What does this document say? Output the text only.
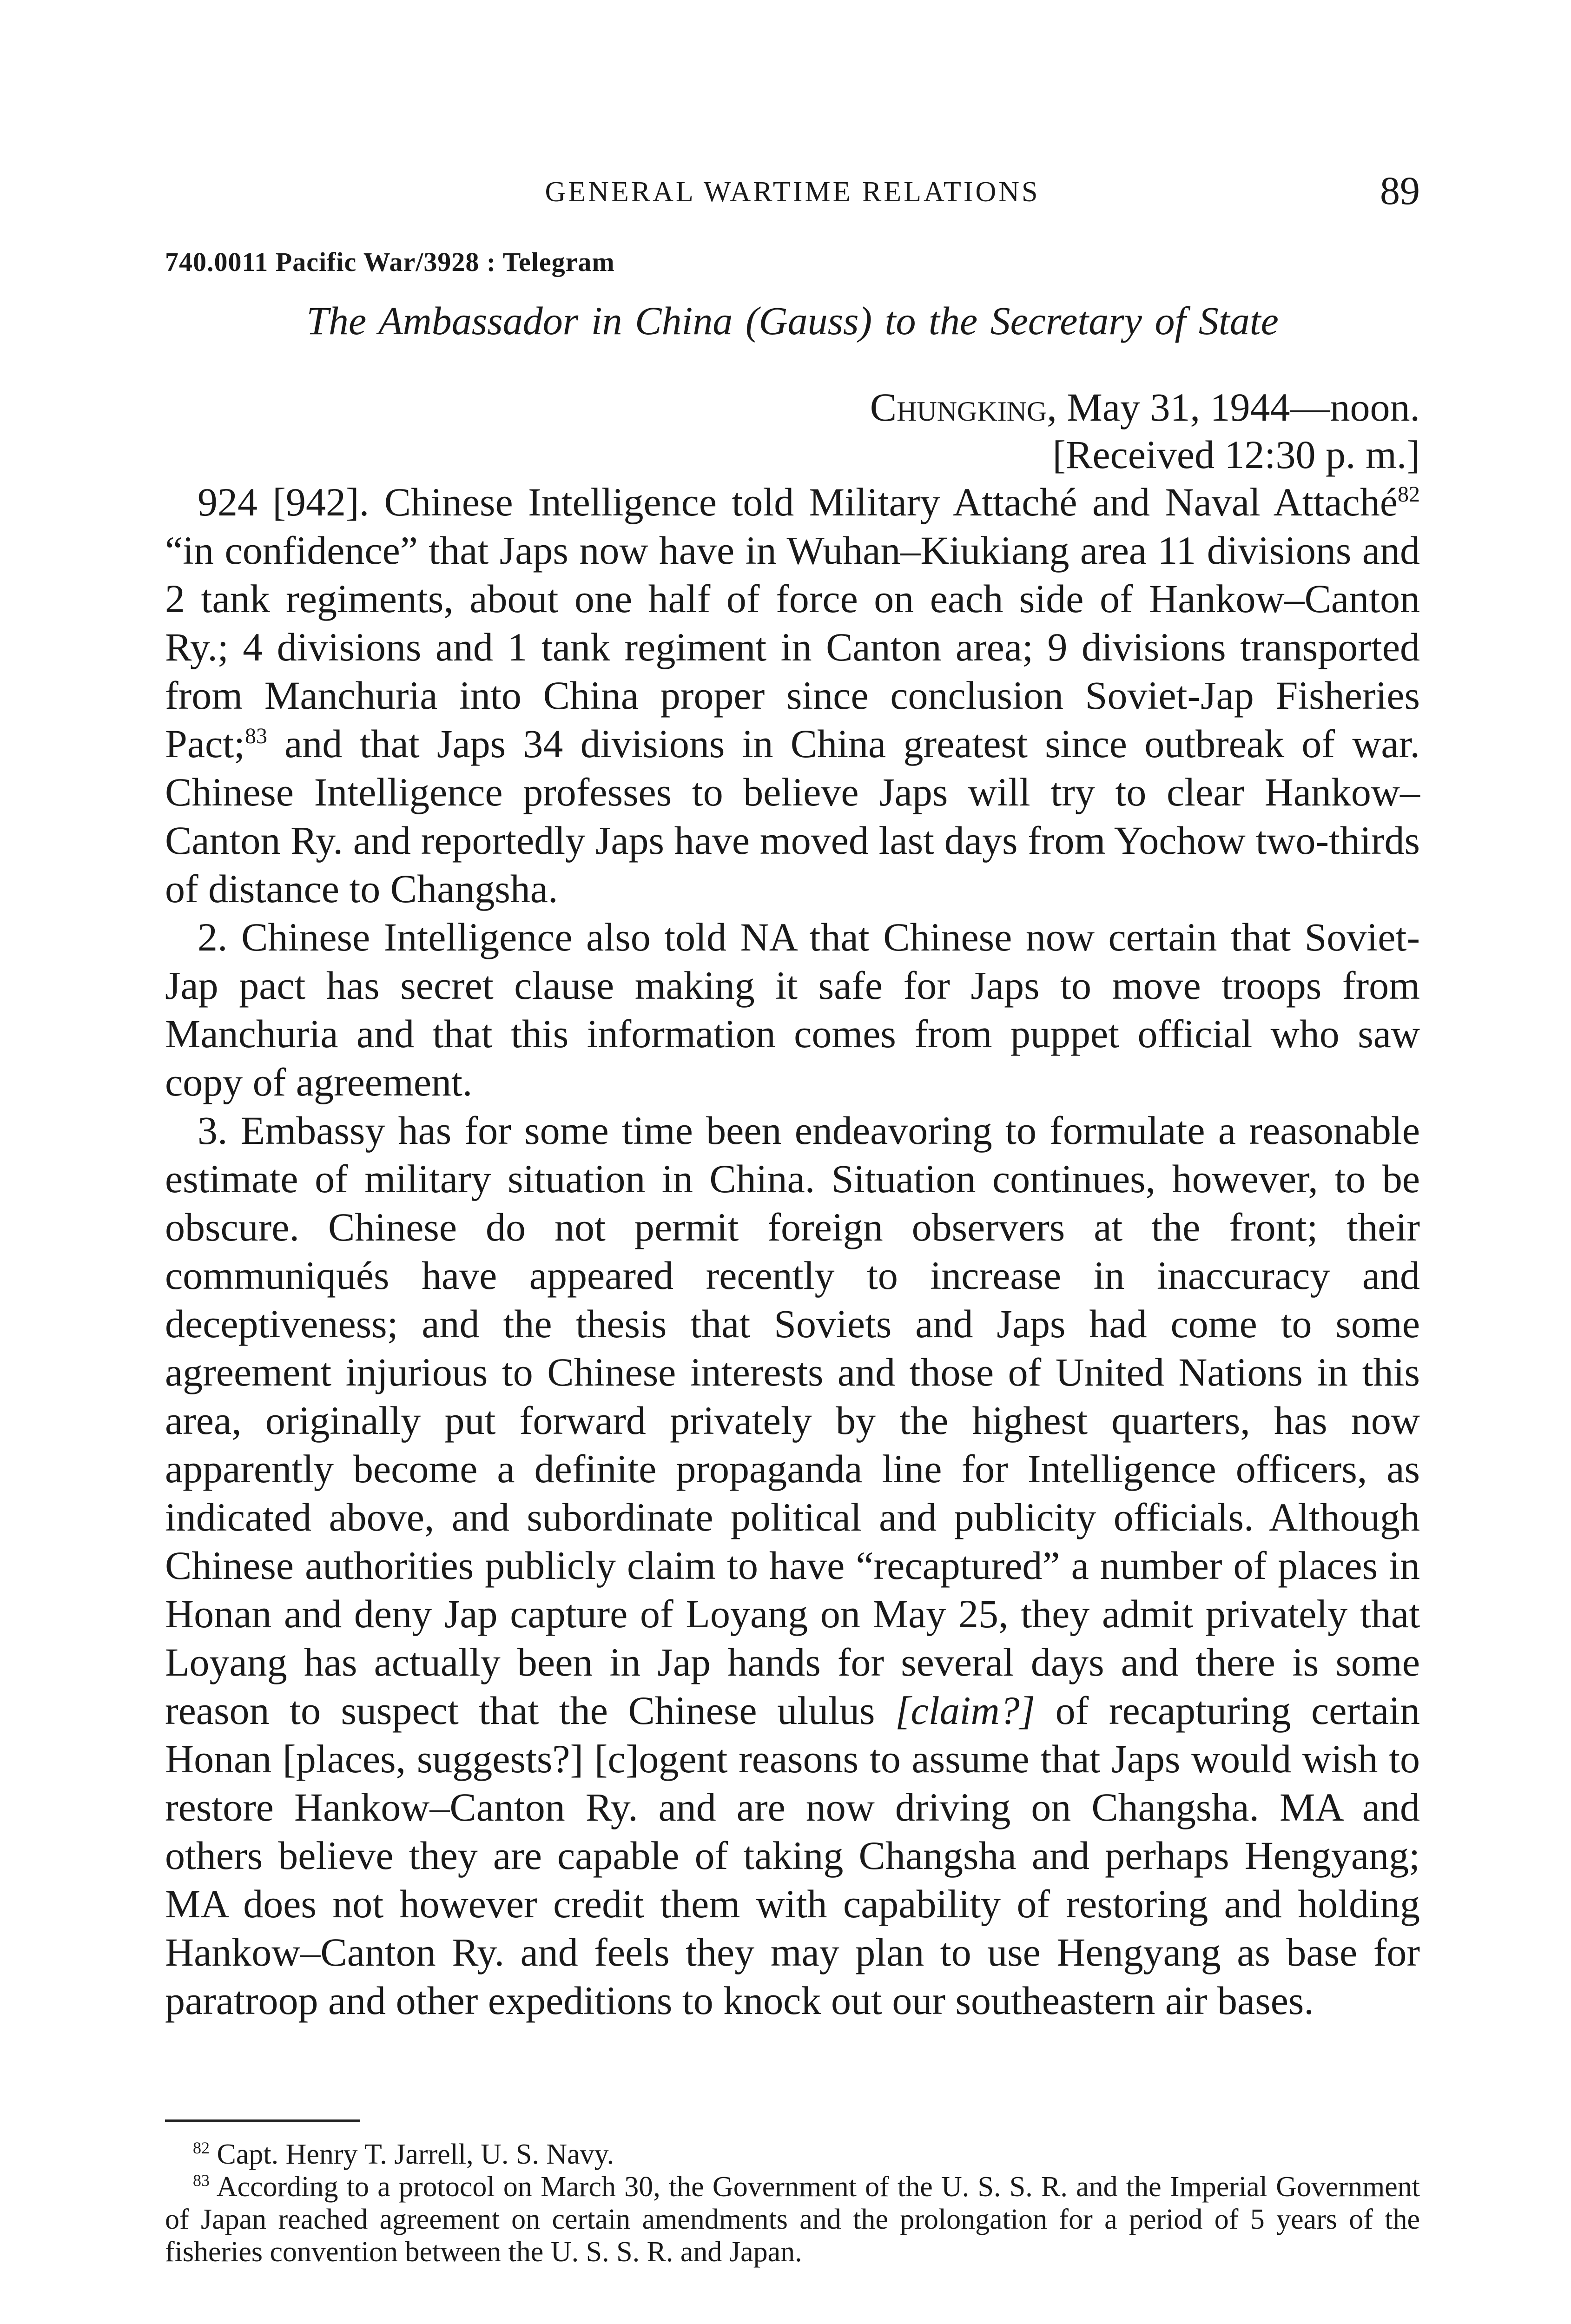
GENERAL WARTIME RELATIONS	89
740.0011 Pacific War/3928 : Telegram
The Ambassador in China (Gauss) to the Secretary of State
Chungking, May 31, 1944—noon.
[Received 12:30 p. m.]

924 [942]. Chinese Intelligence told Military Attaché and Naval Attaché$^{82}$ “in confidence” that Japs now have in Wuhan–Kiukiang area 11 divisions and 2 tank regiments, about one half of force on each side of Hankow–Canton Ry.; 4 divisions and 1 tank regiment in Canton area; 9 divisions transported from Manchuria into China proper since conclusion Soviet-Jap Fisheries Pact;$^{83}$ and that Japs 34 divisions in China greatest since outbreak of war. Chinese Intelligence professes to believe Japs will try to clear Hankow–Canton Ry. and reportedly Japs have moved last days from Yochow two-thirds of distance to Changsha.

2. Chinese Intelligence also told NA that Chinese now certain that Soviet-Jap pact has secret clause making it safe for Japs to move troops from Manchuria and that this information comes from puppet official who saw copy of agreement.

3. Embassy has for some time been endeavoring to formulate a reasonable estimate of military situation in China. Situation continues, however, to be obscure. Chinese do not permit foreign observers at the front; their communiqués have appeared recently to increase in inaccuracy and deceptiveness; and the thesis that Soviets and Japs had come to some agreement injurious to Chinese interests and those of United Nations in this area, originally put forward privately by the highest quarters, has now apparently become a definite propaganda line for Intelligence officers, as indicated above, and subordinate political and publicity officials. Although Chinese authorities publicly claim to have “recaptured” a number of places in Honan and deny Jap capture of Loyang on May 25, they admit privately that Loyang has actually been in Jap hands for several days and there is some reason to suspect that the Chinese ululus [claim?] of recapturing certain Honan [places, suggests?] [c]ogent reasons to assume that Japs would wish to restore Hankow–Canton Ry. and are now driving on Changsha. MA and others believe they are capable of taking Changsha and perhaps Hengyang; MA does not however credit them with capability of restoring and holding Hankow–Canton Ry. and feels they may plan to use Hengyang as base for paratroop and other expeditions to knock out our southeastern air bases.

$^{82}$ Capt. Henry T. Jarrell, U. S. Navy.

$^{83}$ According to a protocol on March 30, the Government of the U. S. S. R. and the Imperial Government of Japan reached agreement on certain amendments and the prolongation for a period of 5 years of the fisheries convention between the U. S. S. R. and Japan.
